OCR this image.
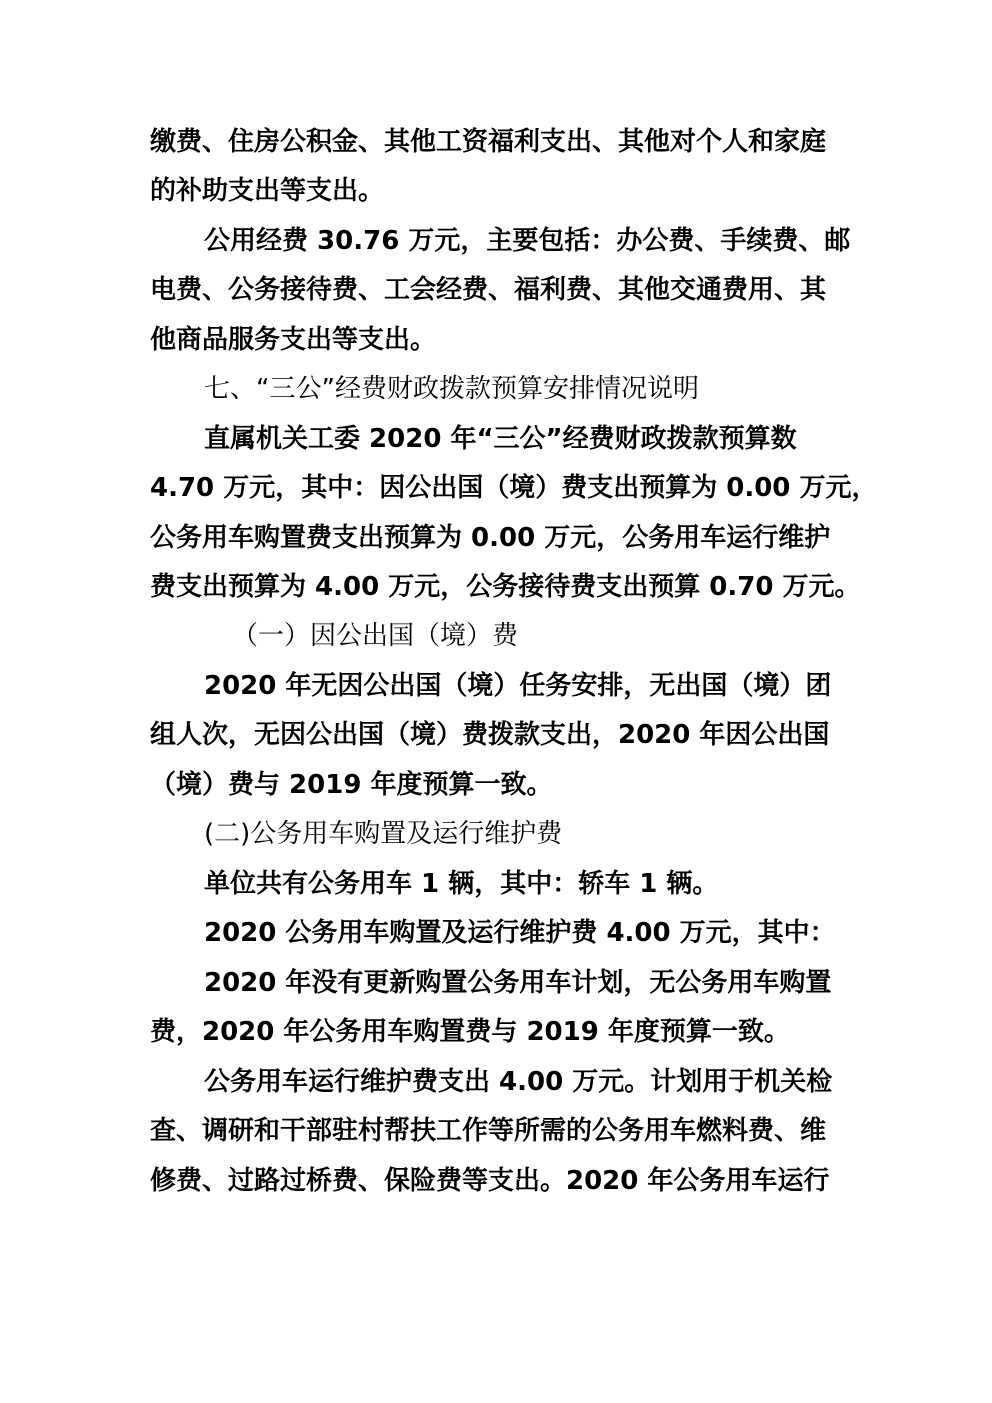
缴费、住房公积金、其他工资福利支出、其他对个人和家庭
的补助支出等支出。
公用经费 30.76 万元，主要包括：办公费、手续费、邮
电费、公务接待费、工会经费、福利费、其他交通费用、其
他商品服务支出等支出。
七、“三公”经费财政拨款预算安排情况说明
直属机关工委 2020 年“三公”经费财政拨款预算数
4.70 万元，其中：因公出国（境）费支出预算为 0.00 万元，
公务用车购置费支出预算为 0.00 万元，公务用车运行维护
费支出预算为 4.00 万元，公务接待费支出预算 0.70 万元。
（一）因公出国（境）费
2020 年无因公出国（境）任务安排，无出国（境）团
组人次，无因公出国（境）费拨款支出，2020 年因公出国
（境）费与 2019 年度预算一致。
(二)公务用车购置及运行维护费
单位共有公务用车 1 辆，其中：轿车 1 辆。
2020 公务用车购置及运行维护费 4.00 万元，其中：
2020 年没有更新购置公务用车计划，无公务用车购置
费，2020 年公务用车购置费与 2019 年度预算一致。
公务用车运行维护费支出 4.00 万元。计划用于机关检
查、调研和干部驻村帮扶工作等所需的公务用车燃料费、维
修费、过路过桥费、保险费等支出。2020 年公务用车运行
